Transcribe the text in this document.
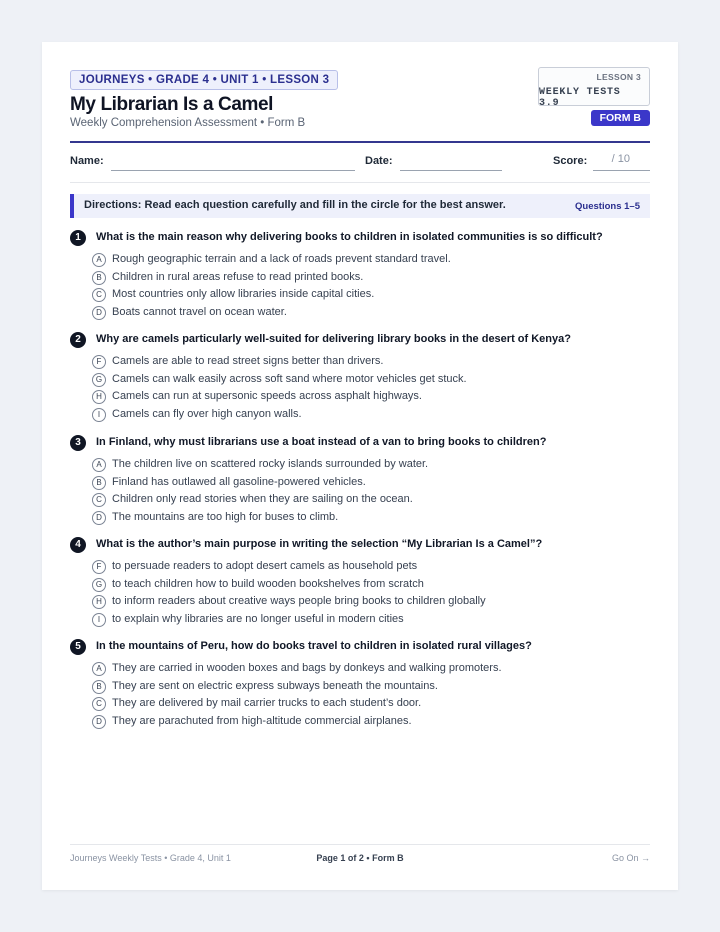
JOURNEYS • GRADE 4 • UNIT 1 • LESSON 3
My Librarian Is a Camel
Weekly Comprehension Assessment • Form B
LESSON 3
WEEKLY TESTS 3.9
FORM B
Name:	Date:	Score: / 10
Directions: Read each question carefully and fill in the circle for the best answer.	Questions 1–5
1	What is the main reason why delivering books to children in isolated communities is so difficult?
A Rough geographic terrain and a lack of roads prevent standard travel.
B Children in rural areas refuse to read printed books.
C Most countries only allow libraries inside capital cities.
D Boats cannot travel on ocean water.
2	Why are camels particularly well-suited for delivering library books in the desert of Kenya?
F Camels are able to read street signs better than drivers.
G Camels can walk easily across soft sand where motor vehicles get stuck.
H Camels can run at supersonic speeds across asphalt highways.
I	Camels can fly over high canyon walls.
3	In Finland, why must librarians use a boat instead of a van to bring books to children?
A The children live on scattered rocky islands surrounded by water.
B Finland has outlawed all gasoline-powered vehicles.
C Children only read stories when they are sailing on the ocean.
D The mountains are too high for buses to climb.
4	What is the author’s main purpose in writing the selection “My Librarian Is a Camel”?
F to persuade readers to adopt desert camels as household pets
G to teach children how to build wooden bookshelves from scratch
H to inform readers about creative ways people bring books to children globally
I	to explain why libraries are no longer useful in modern cities
5	In the mountains of Peru, how do books travel to children in isolated rural villages?
A They are carried in wooden boxes and bags by donkeys and walking promoters.
B They are sent on electric express subways beneath the mountains.
C They are delivered by mail carrier trucks to each student’s door.
D They are parachuted from high-altitude commercial airplanes.
Journeys Weekly Tests • Grade 4, Unit 1	Page 1 of 2 • Form B	Go On →
